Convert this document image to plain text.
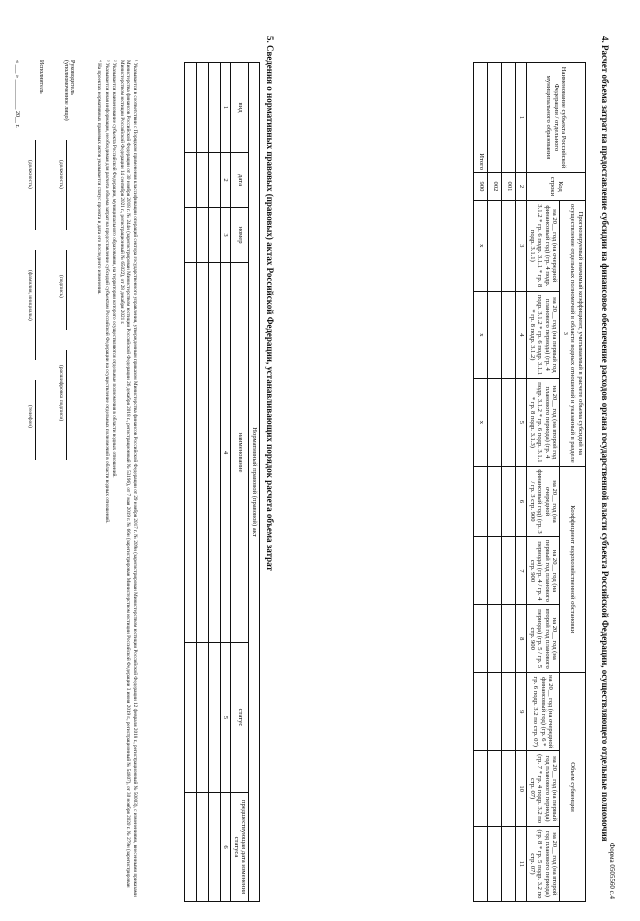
Форма 0505560 с.4
4. Расчет объема затрат на предоставление субсидии на финансовое обеспечение расходов органа государственной власти субъекта Российской Федерации, осуществляющего отдельные полномочия
Наименование субъекта Российской Федерации / отдельного муниципального образования	Код строки	Прогнозируемый значимый коэффициент, учитываемый в расчете объема субсидий на осуществление отдельных полномочий в области водных отношений и указанный в разделе 3			Коэффициент водохозяйственной обстановки			Объем субвенции		
		на 20__ год (на очередной финансовый год) (гр. 4 подр. 3.1.2 * гр. 6 подр. 3.1.1 * гр. 8 подр. 3.1.1)	на 20__ год (на первый год планового периода) (гр. 4 подр. 3.1.2 * гр. 6 подр. 3.1.1 * гр. 8 подр. 3.1.2)	на 20__ год (на второй год планового периода) (гр. 4 подр. 3.1.2 * гр. 6 подр. 3.1.1 * гр. 8 подр. 3.1.3)	на 20__ год (на очередной финансовый год) (гр. 3 / гр. 3 стр. 900	на 20__ год (на первый год планового периода) (гр. 4 / гр. 4 стр. 900	на 20__ год (на второй год планового периода) (гр. 5 / гр. 5 стр. 900	на 20__ год (на очередной финансовый год) (гр. 6 * гр. 6 подр. 3.2 по стр. 07)	на 20__ год (на первый год планового периода) (гр. 7 * гр. 4 подр. 3.2 по стр. 07)	на 20__ год (на второй год планового периода) (гр. 8 * гр. 5 подр. 3.2 по стр. 07)
1	2	3	4	5	6	7	8	9	10	11
	001									
	002									
Итого	900	x	x	x						
5. Сведения о нормативных правовых (правовых) актах Российской Федерации, устанавливающих порядок расчета объема затрат
Нормативный правовой (правовой) акт					
вид	дата	номер	наименование	статус	предшествующая дата изменения статуса
1	2	3	4	5	6

¹ Указывается в соответствии с Порядком применения классификации операций сектора государственного управления, утвержденным приказом Министерства финансов Российской Федерации от 29 ноября 2017 г. № 209н (зарегистрирован Министерством юстиции Российской Федерации 12 февраля 2018 г., регистрационный № 50003), с изменениями, внесенными приказами Министерства финансов Российской Федерации от 30 ноября 2018 г. № 244н (зарегистрирован Министерством юстиции Российской Федерации 26 декабря 2018 г., регистрационный № 53196), от 7 мая 2019 г. № 66н (зарегистрирован Министерством юстиции Российской Федерации 3 июня 2019 г., регистрационный № 54807), от 30 ноября 2020 г. № 279н (зарегистрирован Министерством юстиции Российской Федерации 14 сентября 2021 г., регистрационный № 65022), от 28 декабря 2021 г.

² Указывается наименование субъекта Российской Федерации, муниципального образования, на территории которого осуществляются отдельные полномочия в области водных отношений.

³ Указывается иная информация, необходимая для расчета объема затрат на предоставление субсидий субъектам Российской Федерации на осуществление отдельных полномочий в области водных отношений.

⁴ На проектах нормативных правовых актов указывается статус проекта и дата его последнего изменения.

Руководитель (уполномоченное лицо)
(должность)
(подпись)
(расшифровка подписи)
Исполнитель
(должность)
(фамилия, инициалы)
(телефон)
« ___ » __________ 20__ г.
